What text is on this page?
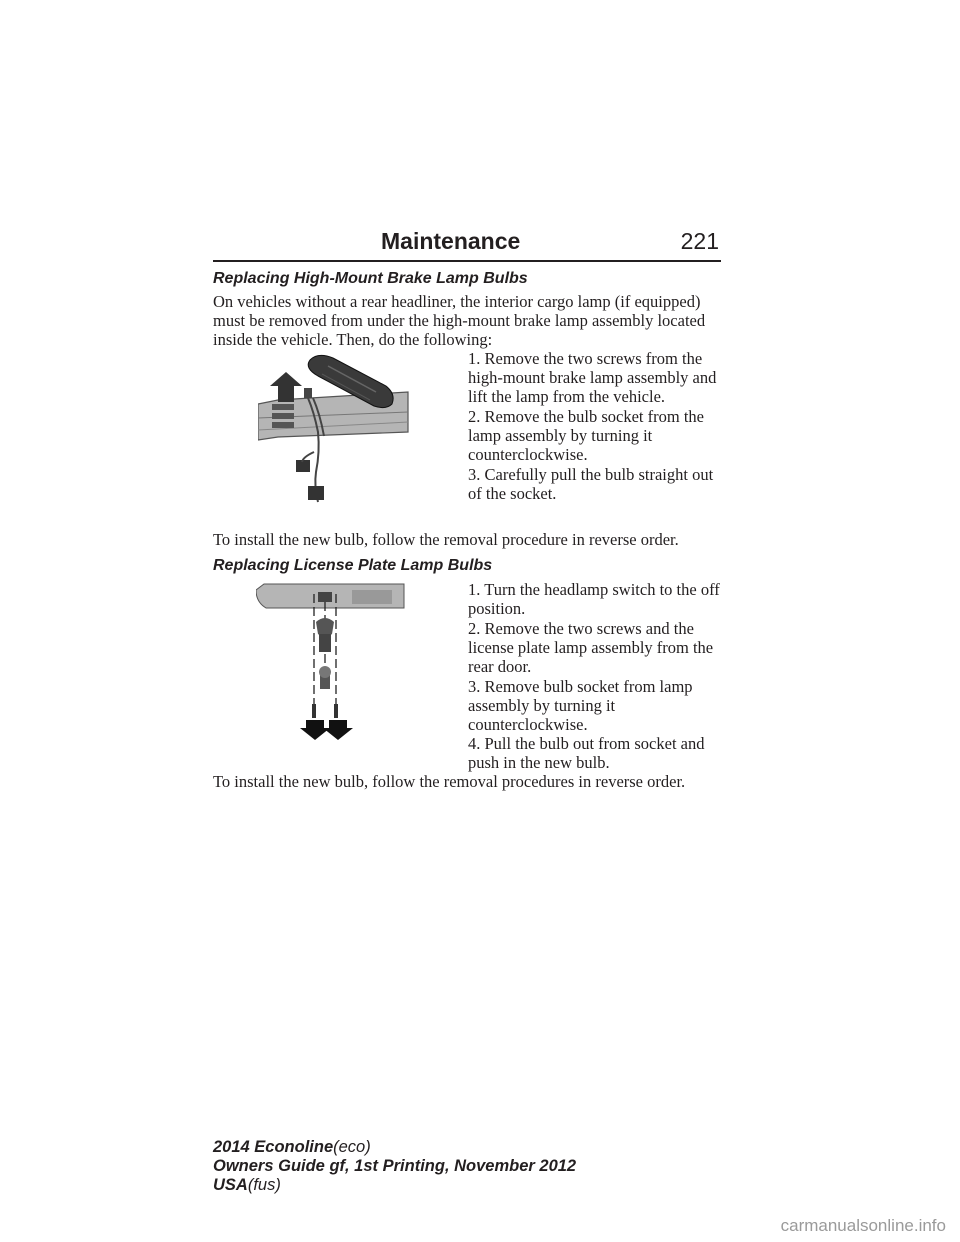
Maintenance	221
Replacing High-Mount Brake Lamp Bulbs
On vehicles without a rear headliner, the interior cargo lamp (if equipped) must be removed from under the high-mount brake lamp assembly located inside the vehicle. Then, do the following:
1. Remove the two screws from the high-mount brake lamp assembly and lift the lamp from the vehicle.
2. Remove the bulb socket from the lamp assembly by turning it counterclockwise.
3. Carefully pull the bulb straight out of the socket.
To install the new bulb, follow the removal procedure in reverse order.
Replacing License Plate Lamp Bulbs
1. Turn the headlamp switch to the off position.
2. Remove the two screws and the license plate lamp assembly from the rear door.
3. Remove bulb socket from lamp assembly by turning it counterclockwise.
4. Pull the bulb out from socket and push in the new bulb.
To install the new bulb, follow the removal procedures in reverse order.
2014 Econoline(eco)
Owners Guide gf, 1st Printing, November 2012
USA(fus)
carmanualsonline.info
